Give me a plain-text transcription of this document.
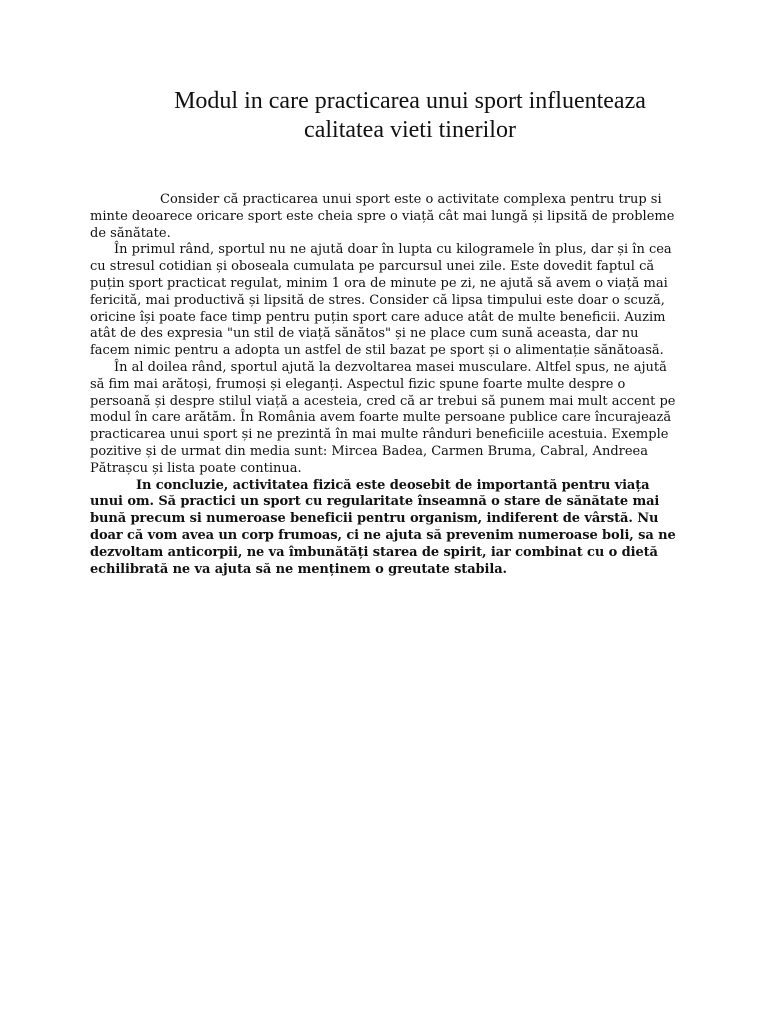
Modul in care practicarea unui sport influenteaza
calitatea vieti tinerilor

Consider că practicarea unui sport este o activitate complexa pentru trup si minte deoarece oricare sport este cheia spre o viață cât mai lungă și lipsită de probleme de sănătate.

În primul rând, sportul nu ne ajută doar în lupta cu kilogramele în plus, dar și în cea cu stresul cotidian și oboseala cumulata pe parcursul unei zile. Este dovedit faptul că puțin sport practicat regulat, minim 1 ora de minute pe zi, ne ajută să avem o viață mai fericită, mai productivă și lipsită de stres. Consider că lipsa timpului este doar o scuză, oricine își poate face timp pentru puțin sport care aduce atât de multe beneficii. Auzim atât de des expresia "un stil de viață sănătos" și ne place cum sună aceasta, dar nu facem nimic pentru a adopta un astfel de stil bazat pe sport și o alimentație sănătoasă.

În al doilea rând, sportul ajută la dezvoltarea masei musculare. Altfel spus, ne ajută să fim mai arătoși, frumoși și eleganți. Aspectul fizic spune foarte multe despre o persoană și despre stilul viață a acesteia, cred că ar trebui să punem mai mult accent pe modul în care arătăm. În România avem foarte multe persoane publice care încurajează practicarea unui sport și ne prezintă în mai multe rânduri beneficiile acestuia. Exemple pozitive și de urmat din media sunt: Mircea Badea, Carmen Bruma, Cabral, Andreea Pătrașcu și lista poate continua.

In concluzie, activitatea fizică este deosebit de importantă pentru viața unui om. Să practici un sport cu regularitate înseamnă o stare de sănătate mai bună precum si numeroase beneficii pentru organism, indiferent de vârstă. Nu doar că vom avea un corp frumoas, ci ne ajuta să prevenim numeroase boli, sa ne dezvoltam anticorpii, ne va îmbunătăți starea de spirit, iar combinat cu o dietă echilibrată ne va ajuta să ne menținem o greutate stabila.
